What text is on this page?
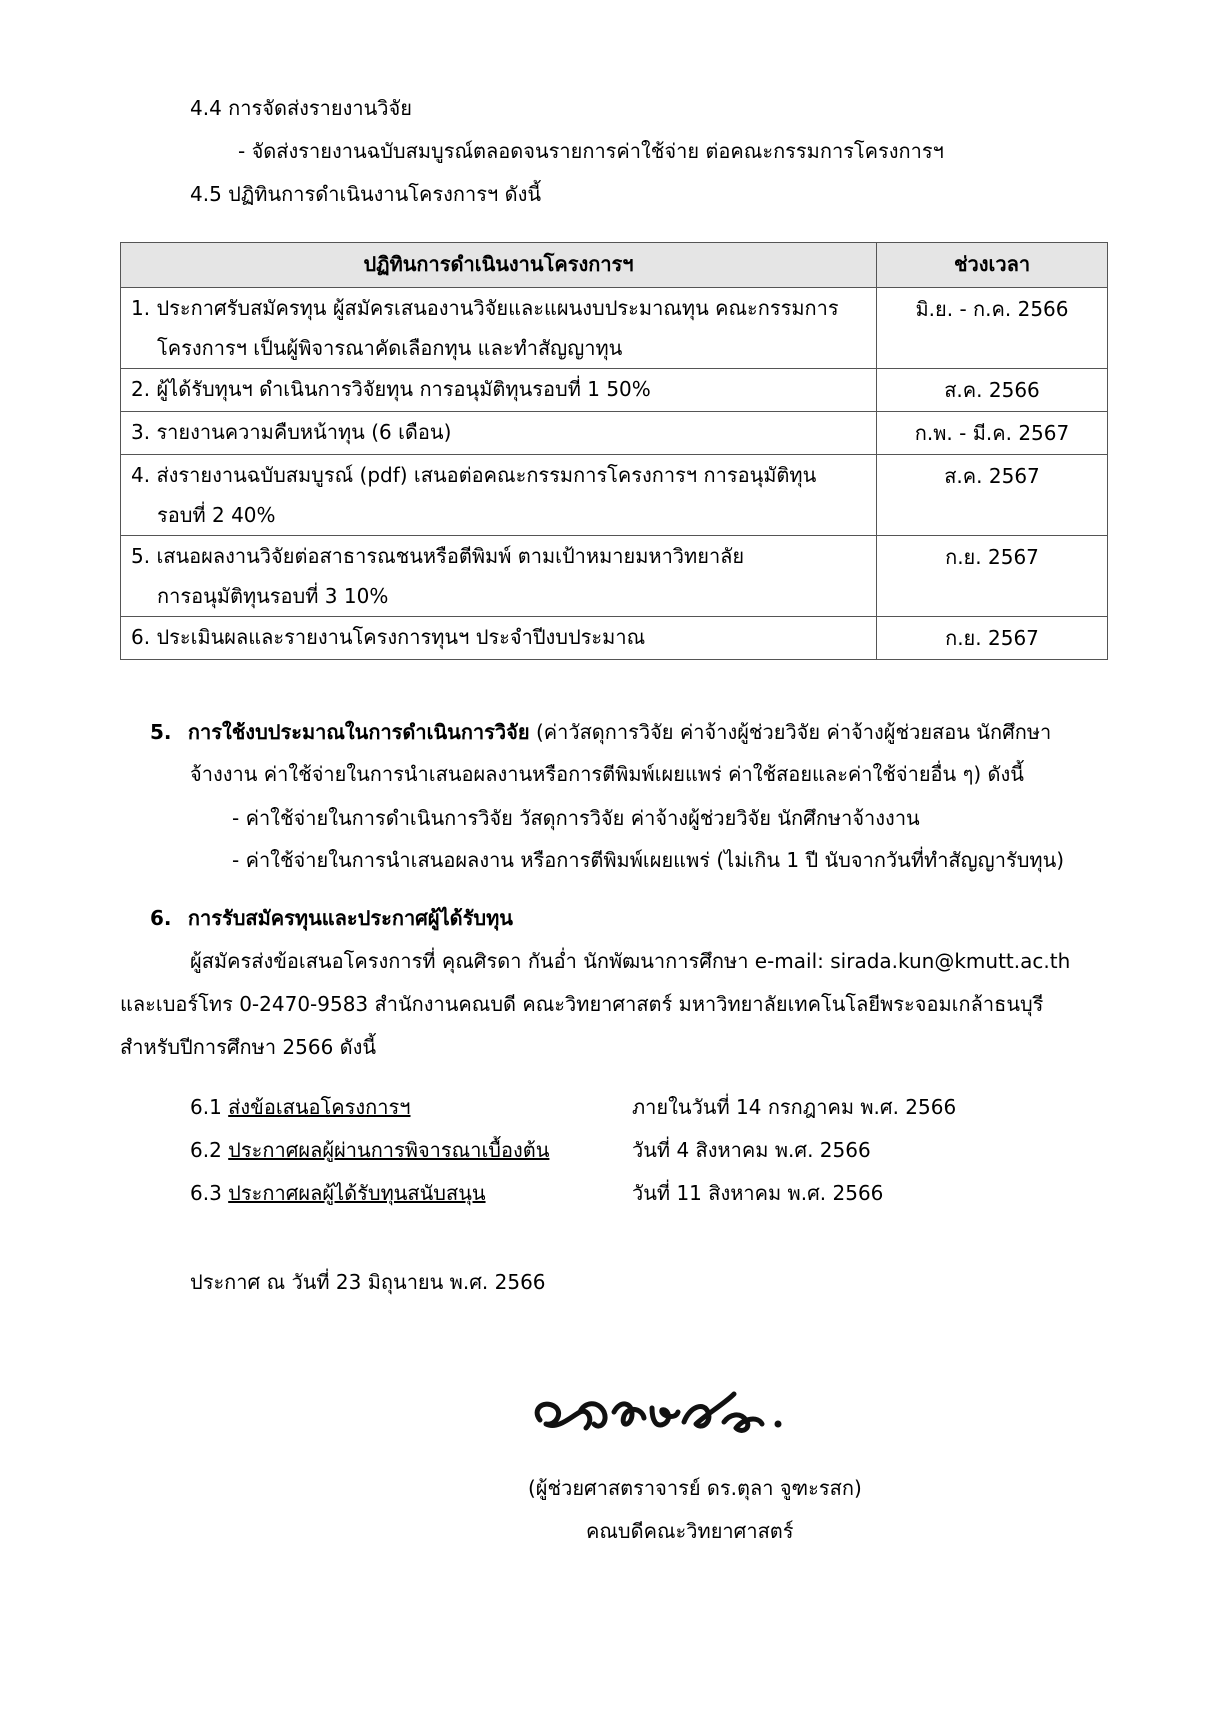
4.4 การจัดส่งรายงานวิจัย
- จัดส่งรายงานฉบับสมบูรณ์ตลอดจนรายการค่าใช้จ่าย ต่อคณะกรรมการโครงการฯ
4.5 ปฏิทินการดำเนินงานโครงการฯ ดังนี้
ปฏิทินการดำเนินงานโครงการฯ	ช่วงเวลา
1. ประกาศรับสมัครทุน ผู้สมัครเสนองานวิจัยและแผนงบประมาณทุน คณะกรรมการ
โครงการฯ เป็นผู้พิจารณาคัดเลือกทุน และทำสัญญาทุน	มิ.ย. - ก.ค. 2566
2. ผู้ได้รับทุนฯ ดำเนินการวิจัยทุน การอนุมัติทุนรอบที่ 1 50%	ส.ค. 2566
3. รายงานความคืบหน้าทุน (6 เดือน)	ก.พ. - มี.ค. 2567
4. ส่งรายงานฉบับสมบูรณ์ (pdf) เสนอต่อคณะกรรมการโครงการฯ การอนุมัติทุน
รอบที่ 2 40%	ส.ค. 2567
5. เสนอผลงานวิจัยต่อสาธารณชนหรือตีพิมพ์ ตามเป้าหมายมหาวิทยาลัย
การอนุมัติทุนรอบที่ 3 10%	ก.ย. 2567
6. ประเมินผลและรายงานโครงการทุนฯ ประจำปีงบประมาณ	ก.ย. 2567
5. การใช้งบประมาณในการดำเนินการวิจัย (ค่าวัสดุการวิจัย ค่าจ้างผู้ช่วยวิจัย ค่าจ้างผู้ช่วยสอน นักศึกษา
จ้างงาน ค่าใช้จ่ายในการนำเสนอผลงานหรือการตีพิมพ์เผยแพร่ ค่าใช้สอยและค่าใช้จ่ายอื่น ๆ) ดังนี้
- ค่าใช้จ่ายในการดำเนินการวิจัย วัสดุการวิจัย ค่าจ้างผู้ช่วยวิจัย นักศึกษาจ้างงาน
- ค่าใช้จ่ายในการนำเสนอผลงาน หรือการตีพิมพ์เผยแพร่ (ไม่เกิน 1 ปี นับจากวันที่ทำสัญญารับทุน)
6. การรับสมัครทุนและประกาศผู้ได้รับทุน
ผู้สมัครส่งข้อเสนอโครงการที่ คุณศิรดา กันอ่ำ นักพัฒนาการศึกษา e-mail: sirada.kun@kmutt.ac.th
และเบอร์โทร 0-2470-9583 สำนักงานคณบดี คณะวิทยาศาสตร์ มหาวิทยาลัยเทคโนโลยีพระจอมเกล้าธนบุรี
สำหรับปีการศึกษา 2566 ดังนี้
6.1 ส่งข้อเสนอโครงการฯ	ภายในวันที่ 14 กรกฎาคม พ.ศ. 2566
6.2 ประกาศผลผู้ผ่านการพิจารณาเบื้องต้น	วันที่ 4 สิงหาคม พ.ศ. 2566
6.3 ประกาศผลผู้ได้รับทุนสนับสนุน	วันที่ 11 สิงหาคม พ.ศ. 2566
ประกาศ ณ วันที่ 23 มิถุนายน พ.ศ. 2566
(ผู้ช่วยศาสตราจารย์ ดร.ตุลา จูฑะรสก)
คณบดีคณะวิทยาศาสตร์
